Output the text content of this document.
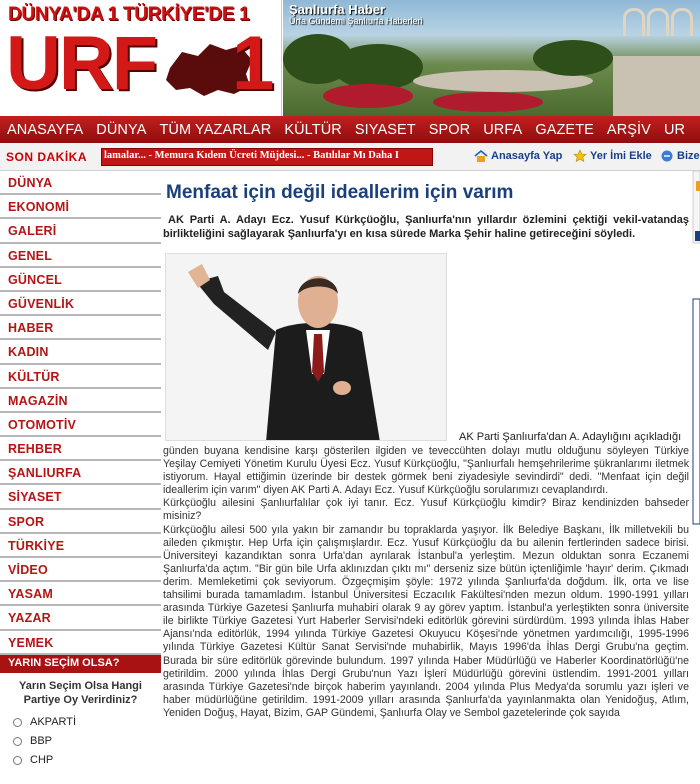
DÜNYA'DA 1 TÜRKİYE'DE 1
URF 1
Şanlıurfa Haber
Urfa Gündemi Şanlıurfa Haberleri
ANASAYFA DÜNYA TÜM YAZARLAR KÜLTÜR SIYASET SPOR URFA GAZETE ARŞİV UR
SON DAKİKA lamalar... - Memura Kıdem Ücreti Müjdesi... - Batılılar Mı Daha I	Anasayfa Yap	Yer İmi Ekle Bize
DÜNYA
EKONOMİ
GALERİ
GENEL
GÜNCEL
GÜVENLİK
HABER
KADIN
KÜLTÜR
MAGAZİN
OTOMOTİV
REHBER
ŞANLIURFA
SİYASET
SPOR
TÜRKİYE
VİDEO
YASAM
YAZAR
YEMEK
YARIN SEÇİM OLSA?
Yarın Seçim Olsa Hangi Partiye Oy Verirdiniz?
AKPARTİ
BBP
CHP
Menfaat için değil ideallerim için varım
AK Parti A. Adayı Ecz. Yusuf Kürkçüoğlu, Şanlıurfa'nın yıllardır özlemini çektiği vekil-vatandaş birlikteliğini sağlayarak Şanlıurfa'yı en kısa sürede Marka Şehir haline getireceğini söyledi.
AK Parti Şanlıurfa'dan A. Adaylığını açıkladığı

günden buyana kendisine karşı gösterilen ilgiden ve teveccühten dolayı mutlu olduğunu söyleyen Türkiye Yeşilay Cemiyeti Yönetim Kurulu Üyesi Ecz. Yusuf Kürkçüoğlu, "Şanlıurfalı hemşehrilerime şükranlarımı iletmek istiyorum. Hayal ettiğimin üzerinde bir destek görmek beni ziyadesiyle sevindirdi" dedi. "Menfaat için değil ideallerim için varım" diyen AK Parti A. Adayı Ecz. Yusuf Kürkçüoğlu sorularımızı cevaplandırdı.

Kürkçüoğlu ailesini Şanlıurfalılar çok iyi tanır. Ecz. Yusuf Kürkçüoğlu kimdir? Biraz kendinizden bahseder misiniz?

Kürkçüoğlu ailesi 500 yıla yakın bir zamandır bu topraklarda yaşıyor. İlk Belediye Başkanı, İlk milletvekili bu aileden çıkmıştır. Hep Urfa için çalışmışlardır. Ecz. Yusuf Kürkçüoğlu da bu ailenin fertlerinden sadece birisi. Üniversiteyi kazandıktan sonra Urfa'dan ayrılarak İstanbul'a yerleştim. Mezun olduktan sonra Eczanemi Şanlıurfa'da açtım. "Bir gün bile Urfa aklınızdan çıktı mı" derseniz size bütün içtenliğimle 'hayır' derim. Çıkmadı derim. Memleketimi çok seviyorum. Özgeçmişim şöyle: 1972 yılında Şanlıurfa'da doğdum. İlk, orta ve lise tahsilimi burada tamamladım. İstanbul Üniversitesi Eczacılık Fakültesi'nden mezun oldum. 1990-1991 yılları arasında Türkiye Gazetesi Şanlıurfa muhabiri olarak 9 ay görev yaptım. İstanbul'a yerleştikten sonra üniversite ile birlikte Türkiye Gazetesi Yurt Haberler Servisi'ndeki editörlük görevini sürdürdüm. 1993 yılında İhlas Haber Ajansı'nda editörlük, 1994 yılında Türkiye Gazetesi Okuyucu Köşesi'nde yönetmen yardımcılığı, 1995-1996 yılında Türkiye Gazetesi Kültür Sanat Servisi'nde muhabirlik, Mayıs 1996'da İhlas Dergi Grubu'na geçtim. Burada bir süre editörlük görevinde bulundum. 1997 yılında Haber Müdürlüğü ve Haberler Koordinatörlüğü'ne getirildim. 2000 yılında İhlas Dergi Grubu'nun Yazı İşleri Müdürlüğü görevini üstlendim. 1991-2001 yılları arasında Türkiye Gazetesi'nde birçok haberim yayınlandı. 2004 yılında Plus Medya'da sorumlu yazı işleri ve haber müdürlüğüne getirildim. 1991-2009 yılları arasında Şanlıurfa'da yayınlanmakta olan Yenidoğuş, Atlım, Yeniden Doğuş, Hayat, Bizim, GAP Gündemi, Şanlıurfa Olay ve Sembol gazetelerinde çok sayıda
